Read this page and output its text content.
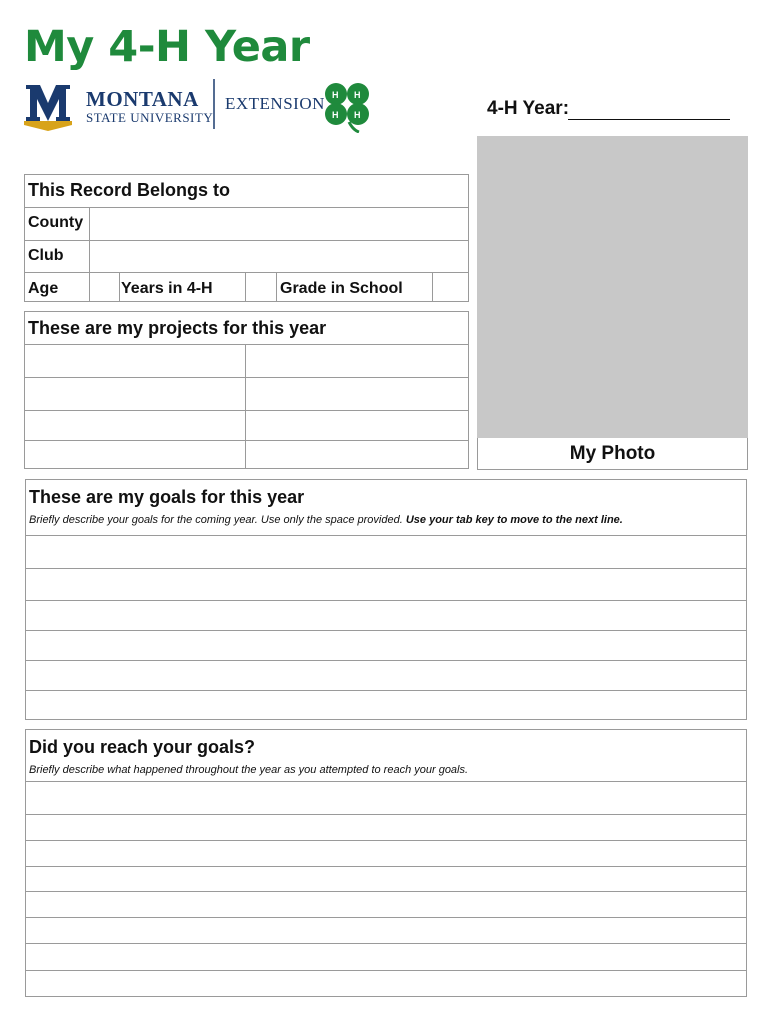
My 4-H Year
H H
H H
MONTANA
STATE UNIVERSITY
EXTENSION	4-H Year:
My Photo
This Record Belongs to
County
Club
Age	Years in 4-H	Grade in School
These are my projects for this year
These are my goals for this year
Briefly describe your goals for the coming year. Use only the space provided. Use your tab key to move to the next line.
Did you reach your goals?
Briefly describe what happened throughout the year as you attempted to reach your goals.
